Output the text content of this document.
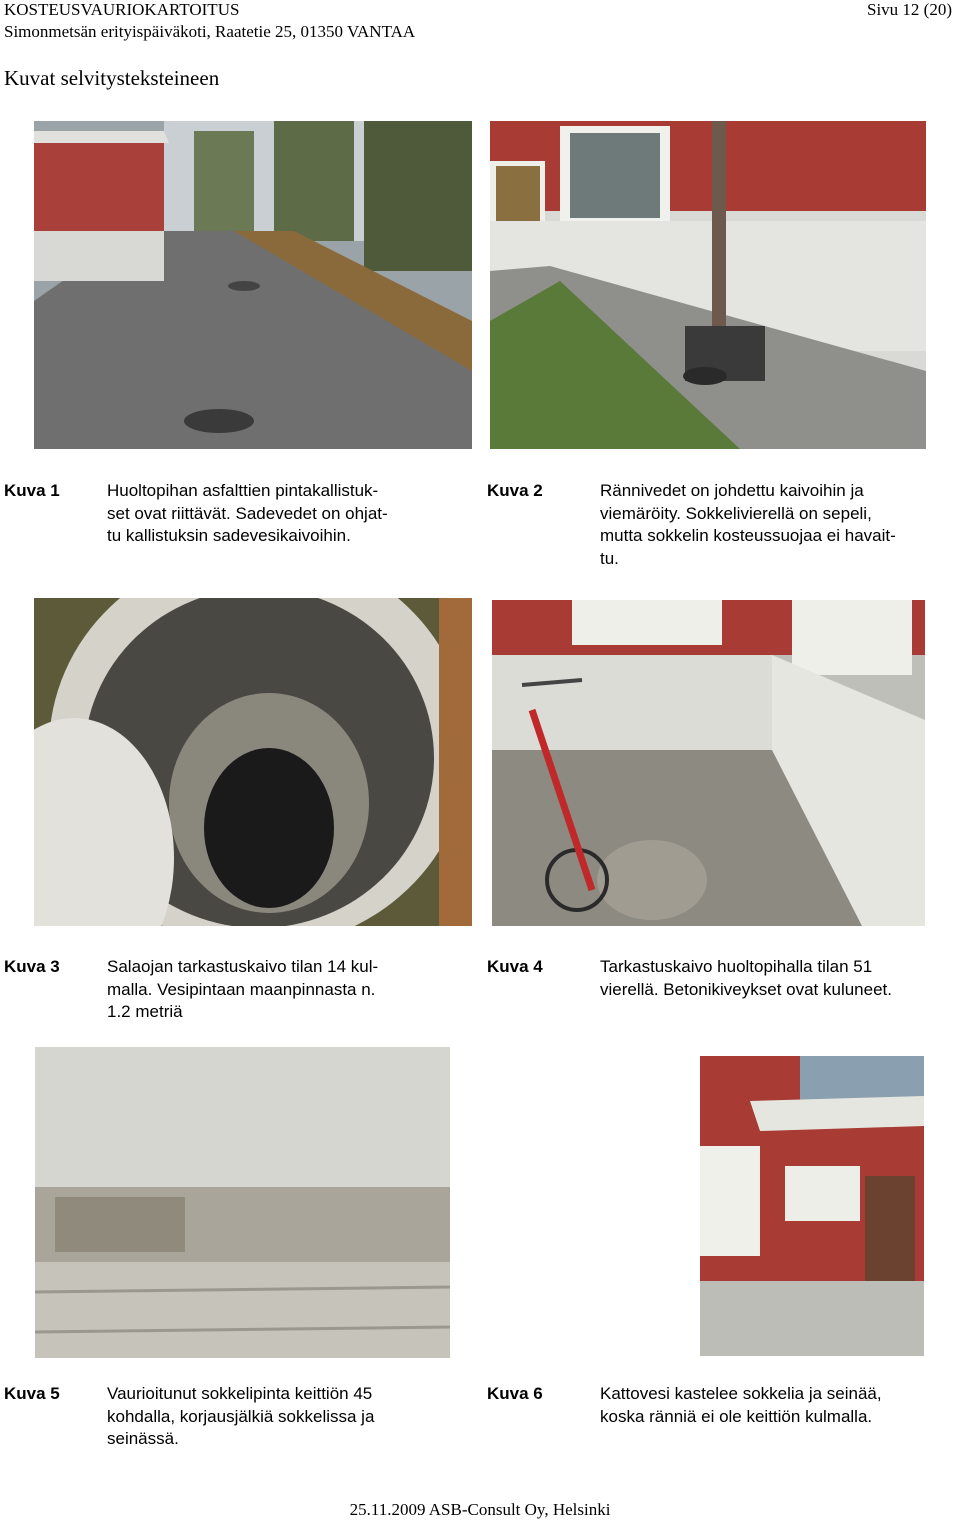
KOSTEUSVAURIOKARTOITUS
Simonmetsän erityispäiväkoti, Raatetie 25, 01350 VANTAA
Sivu 12 (20)
Kuvat selvitysteksteineen
Kuva 1	Huoltopihan asfalttien pintakallistuk-
set ovat riittävät. Sadevedet on ohjat-
tu kallistuksin sadevesikaivoihin.
Kuva 2	Rännivedet on johdettu kaivoihin ja
viemäröity. Sokkelivierellä on sepeli,
mutta sokkelin kosteussuojaa ei havait-
tu.
Kuva 3	Salaojan tarkastuskaivo tilan 14 kul-
malla. Vesipintaan maanpinnasta n.
1.2 metriä
Kuva 4	Tarkastuskaivo huoltopihalla tilan 51
vierellä. Betonikiveykset ovat kuluneet.
Kuva 5	Vaurioitunut sokkelipinta keittiön 45
kohdalla, korjausjälkiä sokkelissa ja
seinässä.
Kuva 6	Kattovesi kastelee sokkelia ja seinää,
koska ränniä ei ole keittiön kulmalla.
25.11.2009 ASB-Consult Oy, Helsinki
